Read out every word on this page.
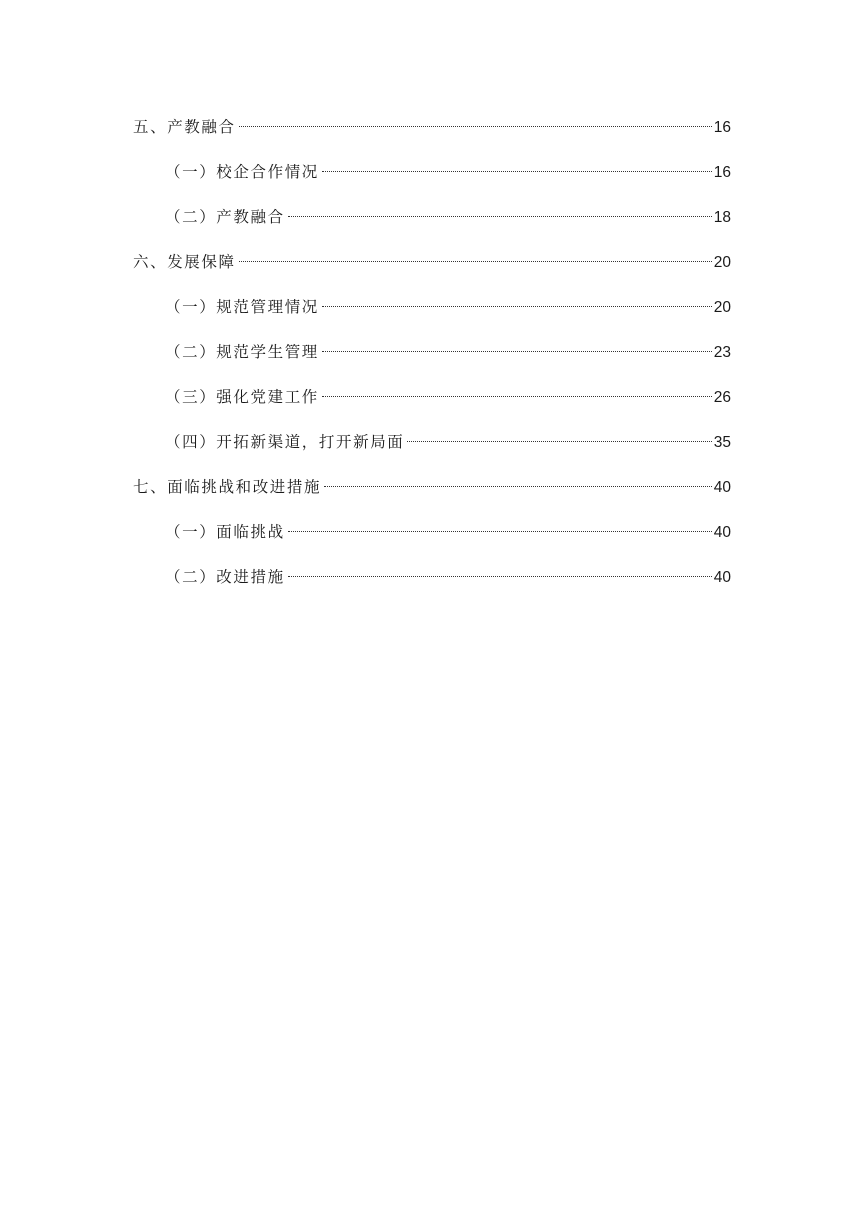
五、产教融合	16
（一）校企合作情况	16
（二）产教融合	18
六、发展保障	20
（一）规范管理情况	20
（二）规范学生管理	23
（三）强化党建工作	26
（四）开拓新渠道，打开新局面	35
七、面临挑战和改进措施	40
（一）面临挑战	40
（二）改进措施	40
